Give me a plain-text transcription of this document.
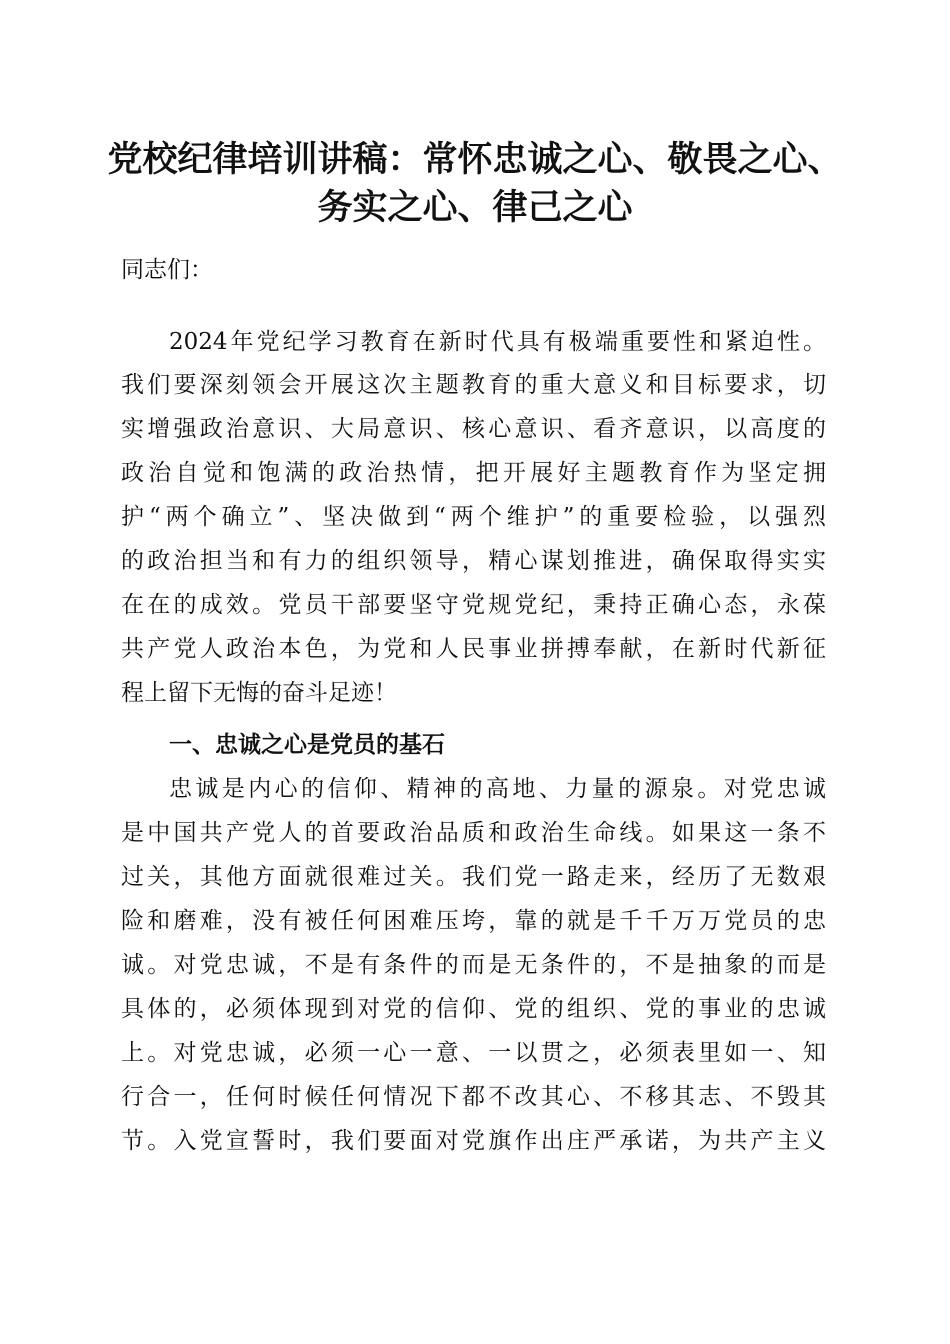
党校纪律培训讲稿：常怀忠诚之心、敬畏之心、
务实之心、律己之心
同志们：
2024年党纪学习教育在新时代具有极端重要性和紧迫性。
我们要深刻领会开展这次主题教育的重大意义和目标要求，切
实增强政治意识、大局意识、核心意识、看齐意识，以高度的
政治自觉和饱满的政治热情，把开展好主题教育作为坚定拥
护“两个确立”、坚决做到“两个维护”的重要检验，以强烈
的政治担当和有力的组织领导，精心谋划推进，确保取得实实
在在的成效。党员干部要坚守党规党纪，秉持正确心态，永葆
共产党人政治本色，为党和人民事业拼搏奉献，在新时代新征
程上留下无悔的奋斗足迹！
一、忠诚之心是党员的基石
忠诚是内心的信仰、精神的高地、力量的源泉。对党忠诚
是中国共产党人的首要政治品质和政治生命线。如果这一条不
过关，其他方面就很难过关。我们党一路走来，经历了无数艰
险和磨难，没有被任何困难压垮，靠的就是千千万万党员的忠
诚。对党忠诚，不是有条件的而是无条件的，不是抽象的而是
具体的，必须体现到对党的信仰、党的组织、党的事业的忠诚
上。对党忠诚，必须一心一意、一以贯之，必须表里如一、知
行合一，任何时候任何情况下都不改其心、不移其志、不毁其
节。入党宣誓时，我们要面对党旗作出庄严承诺，为共产主义
